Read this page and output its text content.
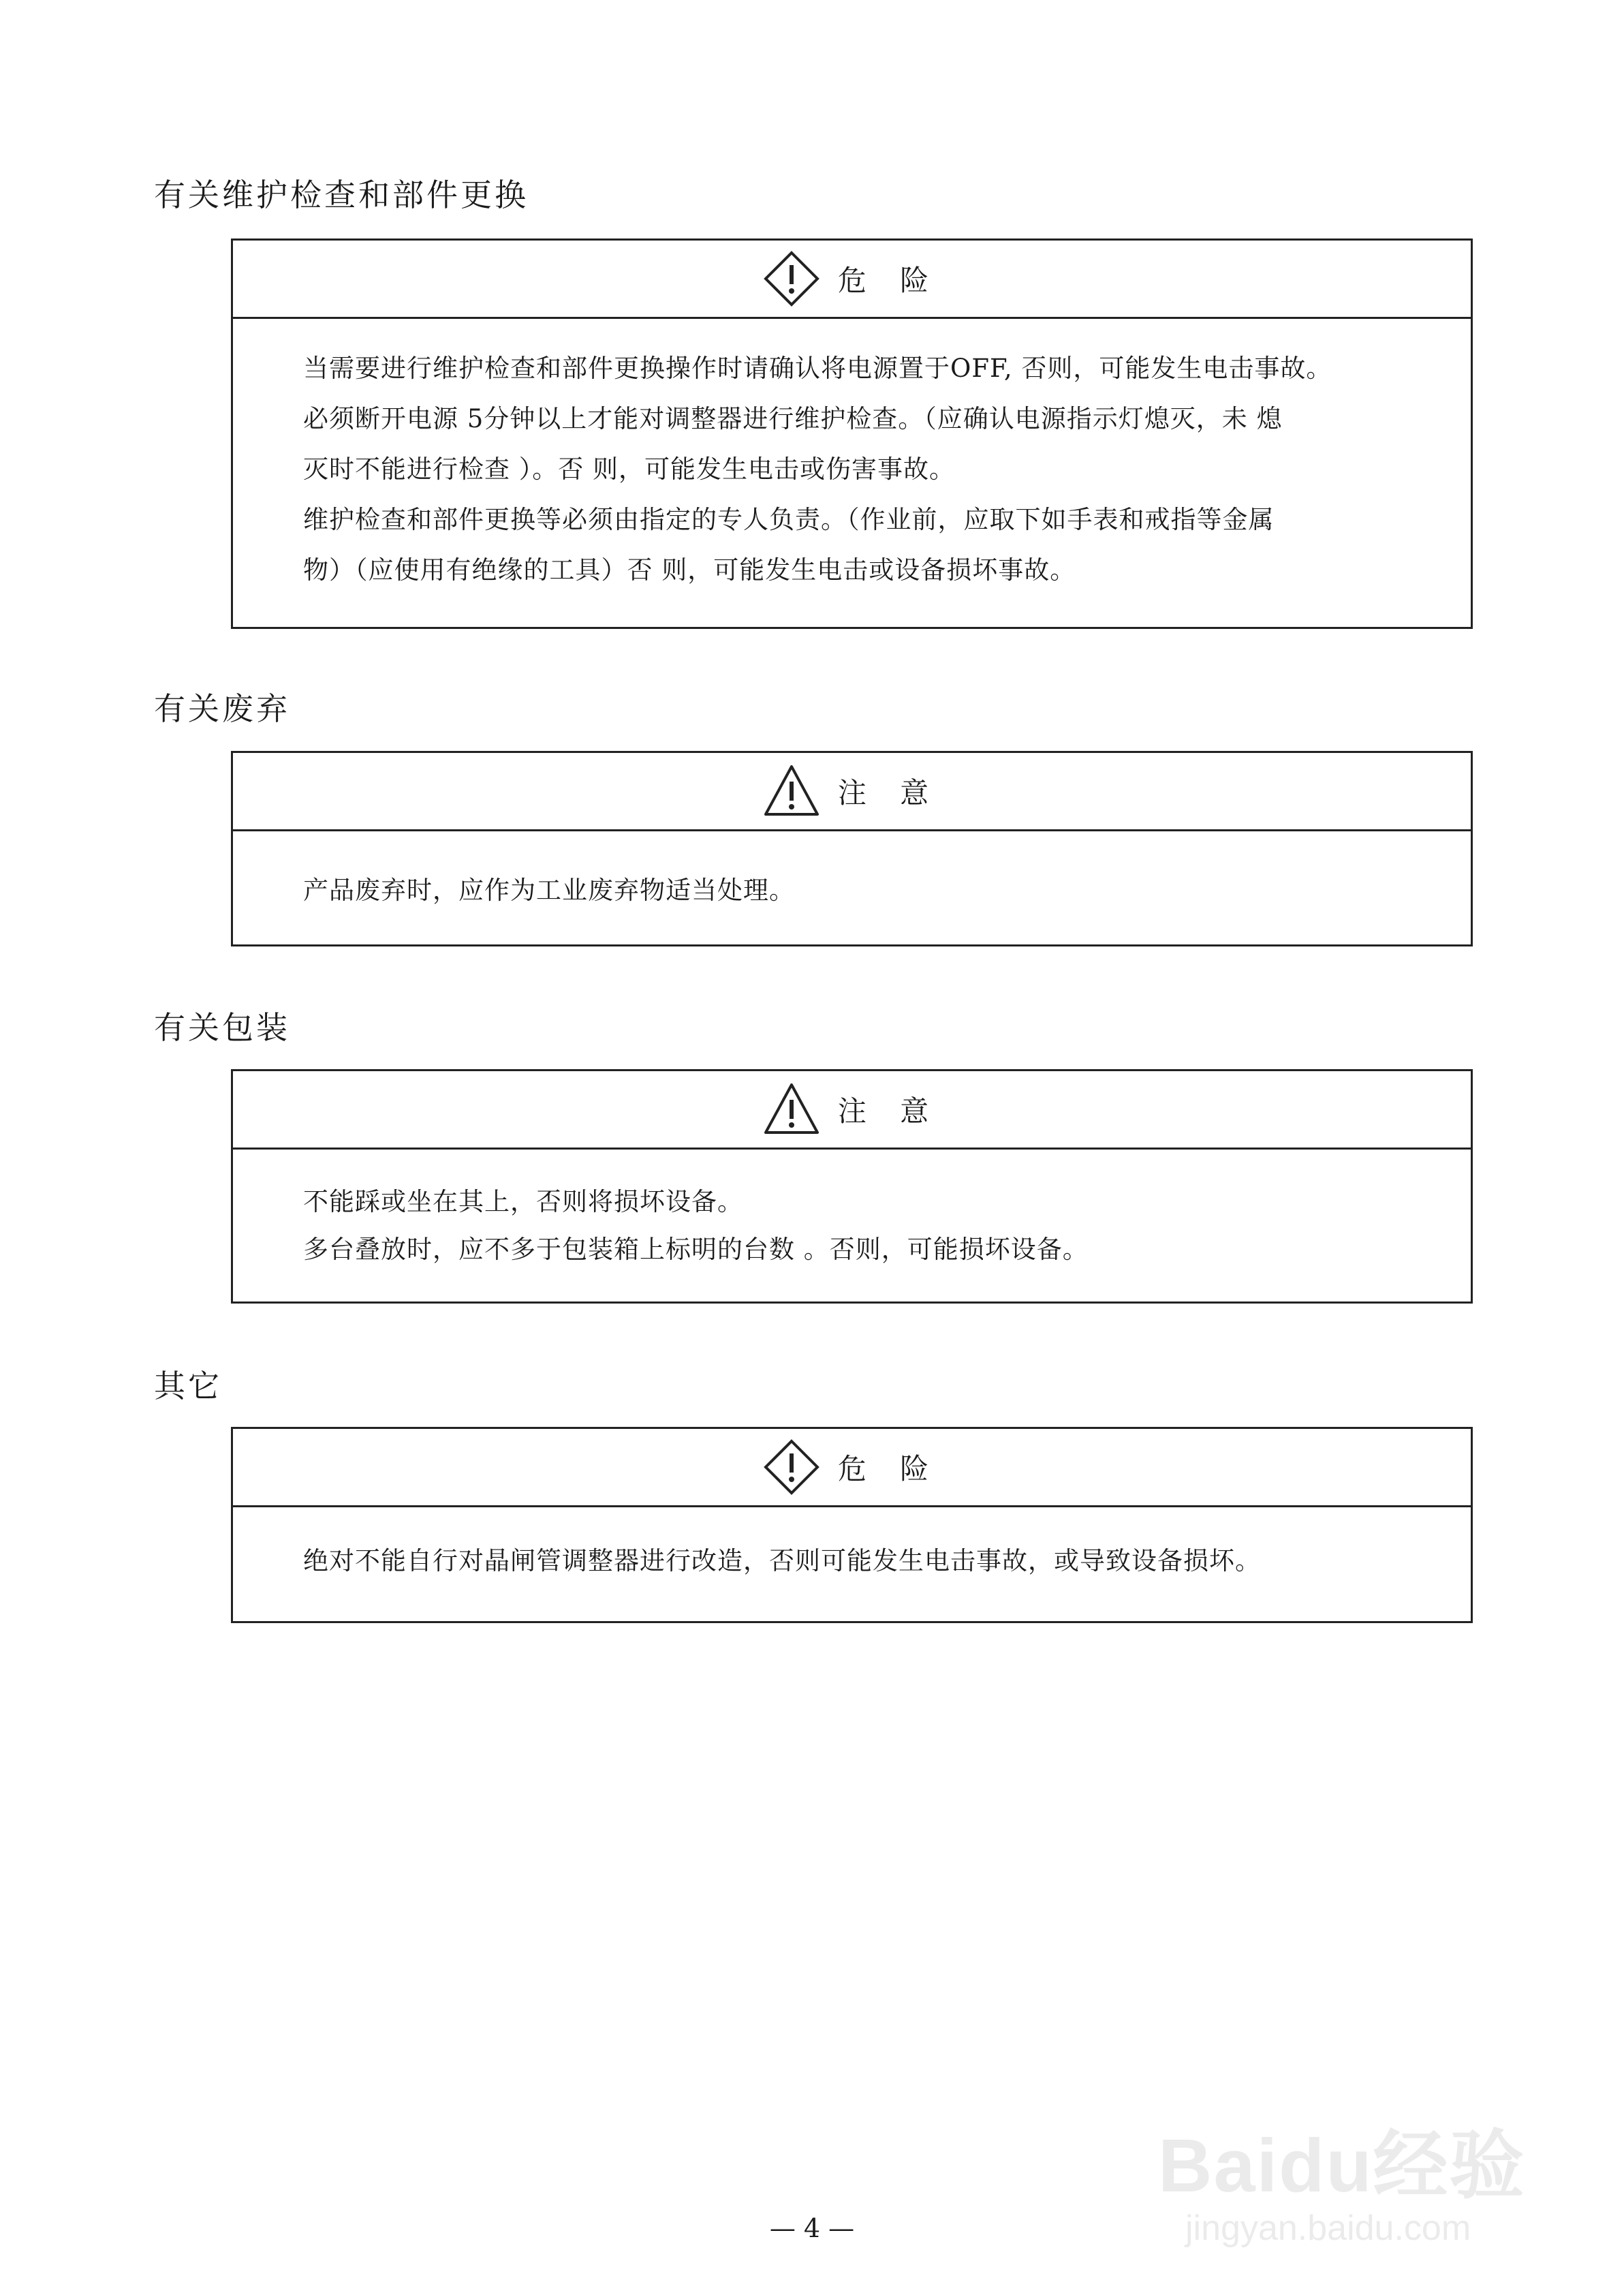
有关维护检查和部件更换
危 险
当需要进行维护检查和部件更换操作时请确认将电源置于OFF, 否则，可能发生电击事故。
必须断开电源 5分钟以上才能对调整器进行维护检查。（应确认电源指示灯熄灭，未 熄
灭时不能进行检查 ）。否 则，可能发生电击或伤害事故。
维护检查和部件更换等必须由指定的专人负责。（作业前，应取下如手表和戒指等金属
物）（应使用有绝缘的工具）否 则，可能发生电击或设备损坏事故。
有关废弃
注 意
产品废弃时，应作为工业废弃物适当处理。
有关包装
注 意
不能踩或坐在其上，否则将损坏设备。
多台叠放时，应不多于包装箱上标明的台数 。否则，可能损坏设备。
其它
危 险
绝对不能自行对晶闸管调整器进行改造，否则可能发生电击事故，或导致设备损坏。
— 4 —
Baidu经验
jingyan.baidu.com
